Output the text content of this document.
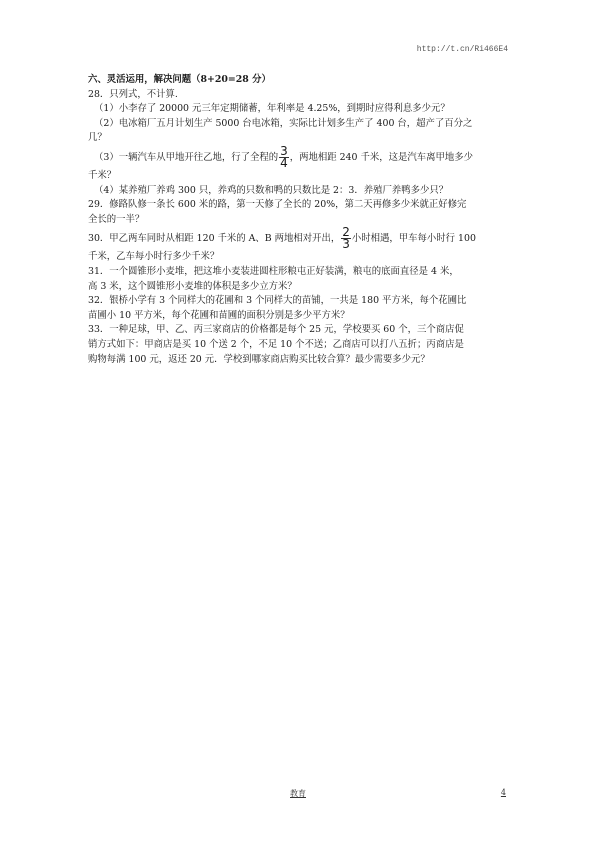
http://t.cn/Ri466E4
六、灵活运用，解决问题（8+20=28 分）
28．只列式，不计算.
（1）小李存了 20000 元三年定期储蓄，年利率是 4.25%，到期时应得利息多少元？
（2）电冰箱厂五月计划生产 5000 台电冰箱，实际比计划多生产了 400 台，超产了百分之
几？
（3）一辆汽车从甲地开往乙地，行了全程的 $\frac{3}{4}$ ，两地相距 240 千米，这是汽车离甲地多少
千米？
（4）某养殖厂养鸡 300 只，养鸡的只数和鸭的只数比是 2：3．养殖厂养鸭多少只？
29．修路队修一条长 600 米的路，第一天修了全长的 20%，第二天再修多少米就正好修完
全长的一半？
30．甲乙两车同时从相距 120 千米的 A、B 两地相对开出， $\frac{2}{3}$ 小时相遇，甲车每小时行 100
千米，乙车每小时行多少千米？
31．一个圆锥形小麦堆，把这堆小麦装进圆柱形粮屯正好装满，粮屯的底面直径是 4 米，
高 3 米，这个圆锥形小麦堆的体积是多少立方米？
32．银桥小学有 3 个同样大的花圃和 3 个同样大的苗铺，一共是 180 平方米，每个花圃比
苗圃小 10 平方米，每个花圃和苗圃的面积分别是多少平方米？
33．一种足球，甲、乙、丙三家商店的价格都是每个 25 元，学校要买 60 个，三个商店促
销方式如下：甲商店是买 10 个送 2 个，不足 10 个不送；乙商店可以打八五折；丙商店是
购物每满 100 元，返还 20 元．学校到哪家商店购买比较合算？最少需要多少元？
教育	4
